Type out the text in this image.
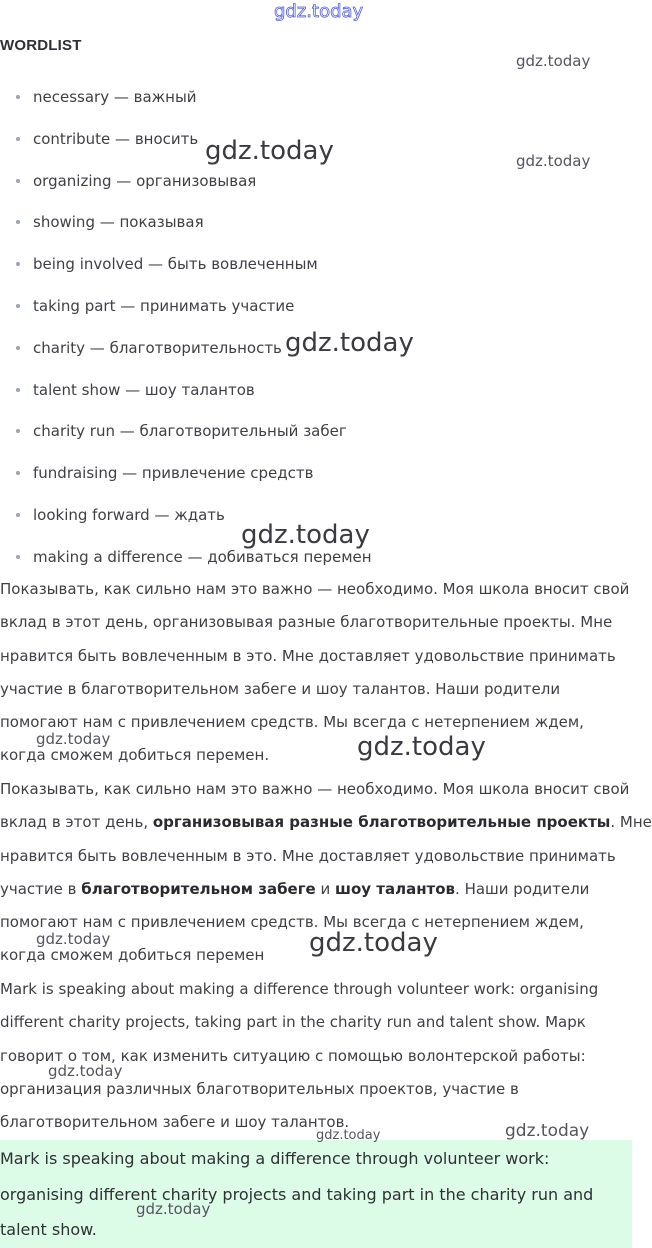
WORDLIST
necessary — важный
contribute — вносить
organizing — организовывая
showing — показывая
being involved — быть вовлеченным
taking part — принимать участие
charity — благотворительность
talent show — шоу талантов
charity run — благотворительный забег
fundraising — привлечение средств
looking forward — ждать
making a difference — добиваться перемен

Показывать, как сильно нам это важно — необходимо. Моя школа вносит свой
вклад в этот день, организовывая разные благотворительные проекты. Мне
нравится быть вовлеченным в это. Мне доставляет удовольствие принимать
участие в благотворительном забеге и шоу талантов. Наши родители
помогают нам с привлечением средств. Мы всегда с нетерпением ждем,
когда сможем добиться перемен.

Показывать, как сильно нам это важно — необходимо. Моя школа вносит свой
вклад в этот день, организовывая разные благотворительные проекты. Мне
нравится быть вовлеченным в это. Мне доставляет удовольствие принимать
участие в благотворительном забеге и шоу талантов. Наши родители
помогают нам с привлечением средств. Мы всегда с нетерпением ждем,
когда сможем добиться перемен

Mark is speaking about making a difference through volunteer work: organising
different charity projects, taking part in the charity run and talent show. Марк
говорит о том, как изменить ситуацию с помощью волонтерской работы:
организация различных благотворительных проектов, участие в
благотворительном забеге и шоу талантов.

Mark is speaking about making a difference through volunteer work:
organising different charity projects and taking part in the charity run and
talent show.

gdz.today
gdz.today
gdz.today	gdz.today
gdz.today
gdz.today
gdz.today	gdz.today
gdz.today	gdz.today
gdz.today
gdz.today	gdz.today
gdz.today
